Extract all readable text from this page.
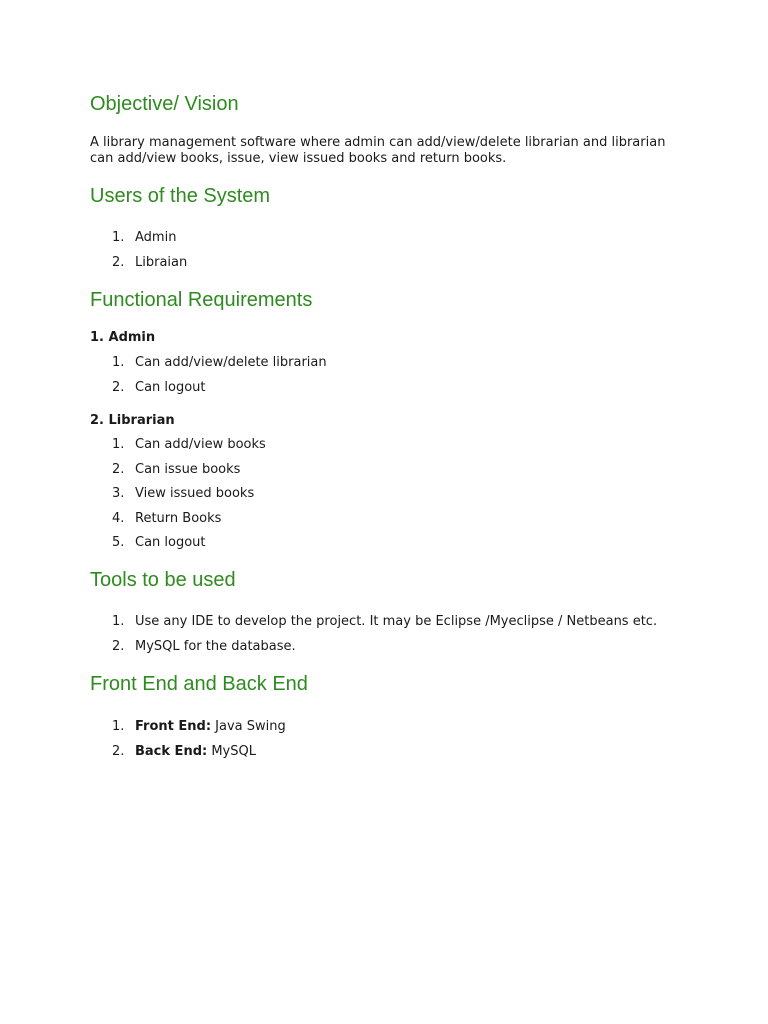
Objective/ Vision

A library management software where admin can add/view/delete librarian and librarian can add/view books, issue, view issued books and return books.

Users of the System
1. Admin
2. Libraian
Functional Requirements

1. Admin

1. Can add/view/delete librarian
2. Can logout

2. Librarian

1. Can add/view books
2. Can issue books
3. View issued books
4. Return Books
5. Can logout
Tools to be used
1. Use any IDE to develop the project. It may be Eclipse /Myeclipse / Netbeans etc.
2. MySQL for the database.
Front End and Back End
1. Front End: Java Swing
2. Back End: MySQL
